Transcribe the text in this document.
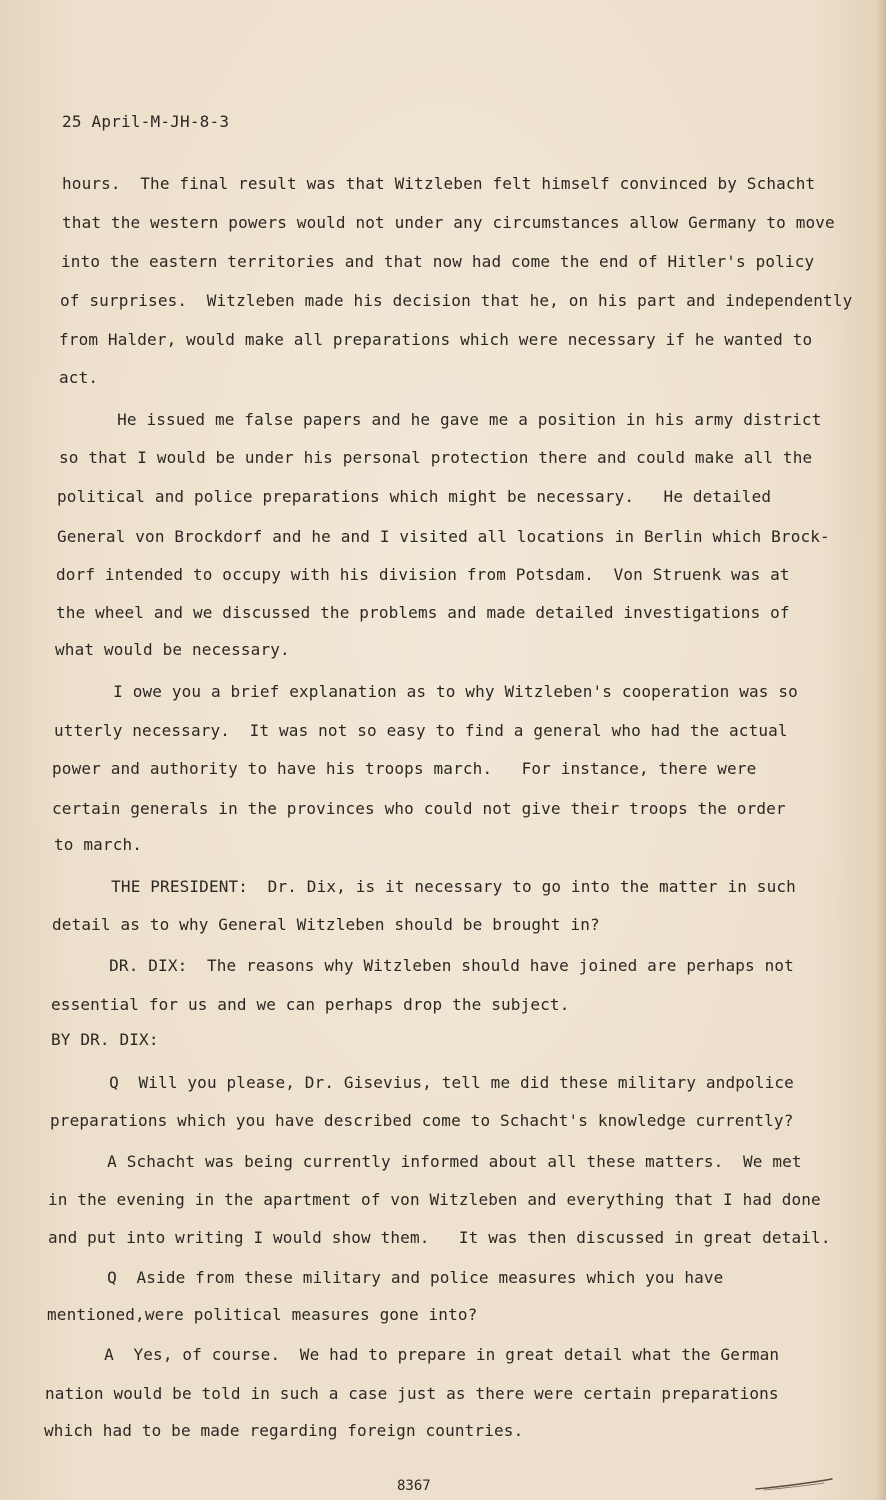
25 April-M-JH-8-3
hours.  The final result was that Witzleben felt himself convinced by Schacht
that the western powers would not under any circumstances allow Germany to move
into the eastern territories and that now had come the end of Hitler's policy
of surprises.  Witzleben made his decision that he, on his part and independently
from Halder, would make all preparations which were necessary if he wanted to
act.
He issued me false papers and he gave me a position in his army district
so that I would be under his personal protection there and could make all the
political and police preparations which might be necessary.   He detailed
General von Brockdorf and he and I visited all locations in Berlin which Brock-
dorf intended to occupy with his division from Potsdam.  Von Struenk was at
the wheel and we discussed the problems and made detailed investigations of
what would be necessary.
I owe you a brief explanation as to why Witzleben's cooperation was so
utterly necessary.  It was not so easy to find a general who had the actual
power and authority to have his troops march.   For instance, there were
certain generals in the provinces who could not give their troops the order
to march.
THE PRESIDENT:  Dr. Dix, is it necessary to go into the matter in such
detail as to why General Witzleben should be brought in?
DR. DIX:  The reasons why Witzleben should have joined are perhaps not
essential for us and we can perhaps drop the subject.
BY DR. DIX:
Q  Will you please, Dr. Gisevius, tell me did these military andpolice
preparations which you have described come to Schacht's knowledge currently?
A Schacht was being currently informed about all these matters.  We met
in the evening in the apartment of von Witzleben and everything that I had done
and put into writing I would show them.   It was then discussed in great detail.
Q  Aside from these military and police measures which you have
mentioned,were political measures gone into?
A  Yes, of course.  We had to prepare in great detail what the German
nation would be told in such a case just as there were certain preparations
which had to be made regarding foreign countries.
8367
